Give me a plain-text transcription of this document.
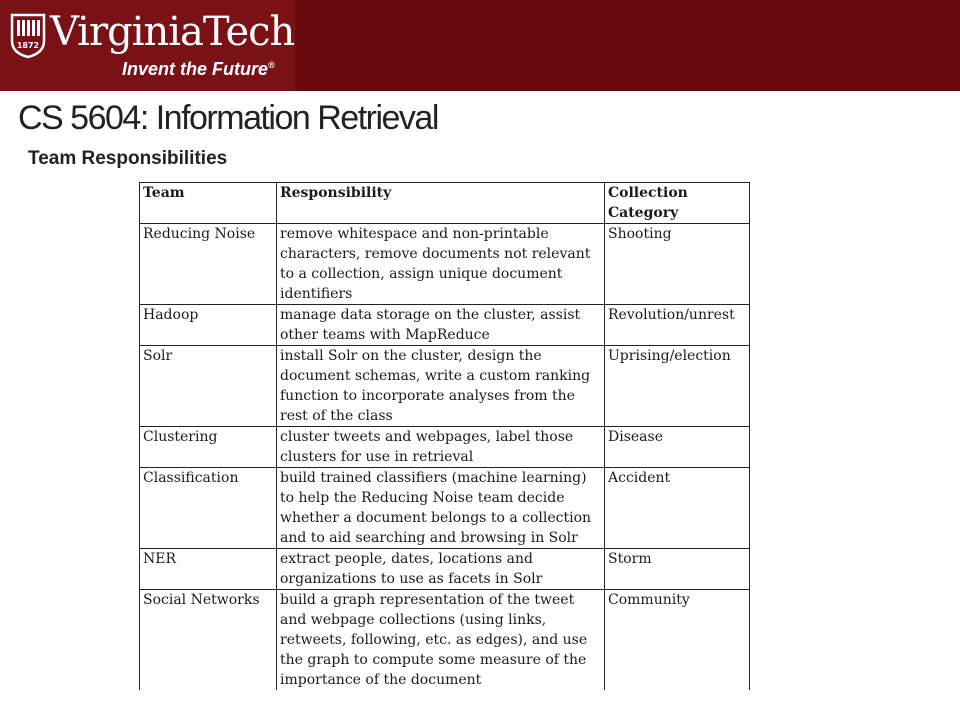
1872 VirginiaTech
Invent the Future®
CS 5604: Information Retrieval
Team Responsibilities
Team	Responsibility	Collection Category
Reducing Noise	remove whitespace and non-printable characters, remove documents not relevant to a collection, assign unique document identifiers	Shooting
Hadoop	manage data storage on the cluster, assist other teams with MapReduce	Revolution/unrest
Solr	install Solr on the cluster, design the document schemas, write a custom ranking function to incorporate analyses from the rest of the class	Uprising/election
Clustering	cluster tweets and webpages, label those clusters for use in retrieval	Disease
Classification	build trained classifiers (machine learning) to help the Reducing Noise team decide whether a document belongs to a collection and to aid searching and browsing in Solr	Accident
NER	extract people, dates, locations and organizations to use as facets in Solr	Storm
Social Networks	build a graph representation of the tweet and webpage collections (using links, retweets, following, etc. as edges), and use the graph to compute some measure of the importance of the document	Community
